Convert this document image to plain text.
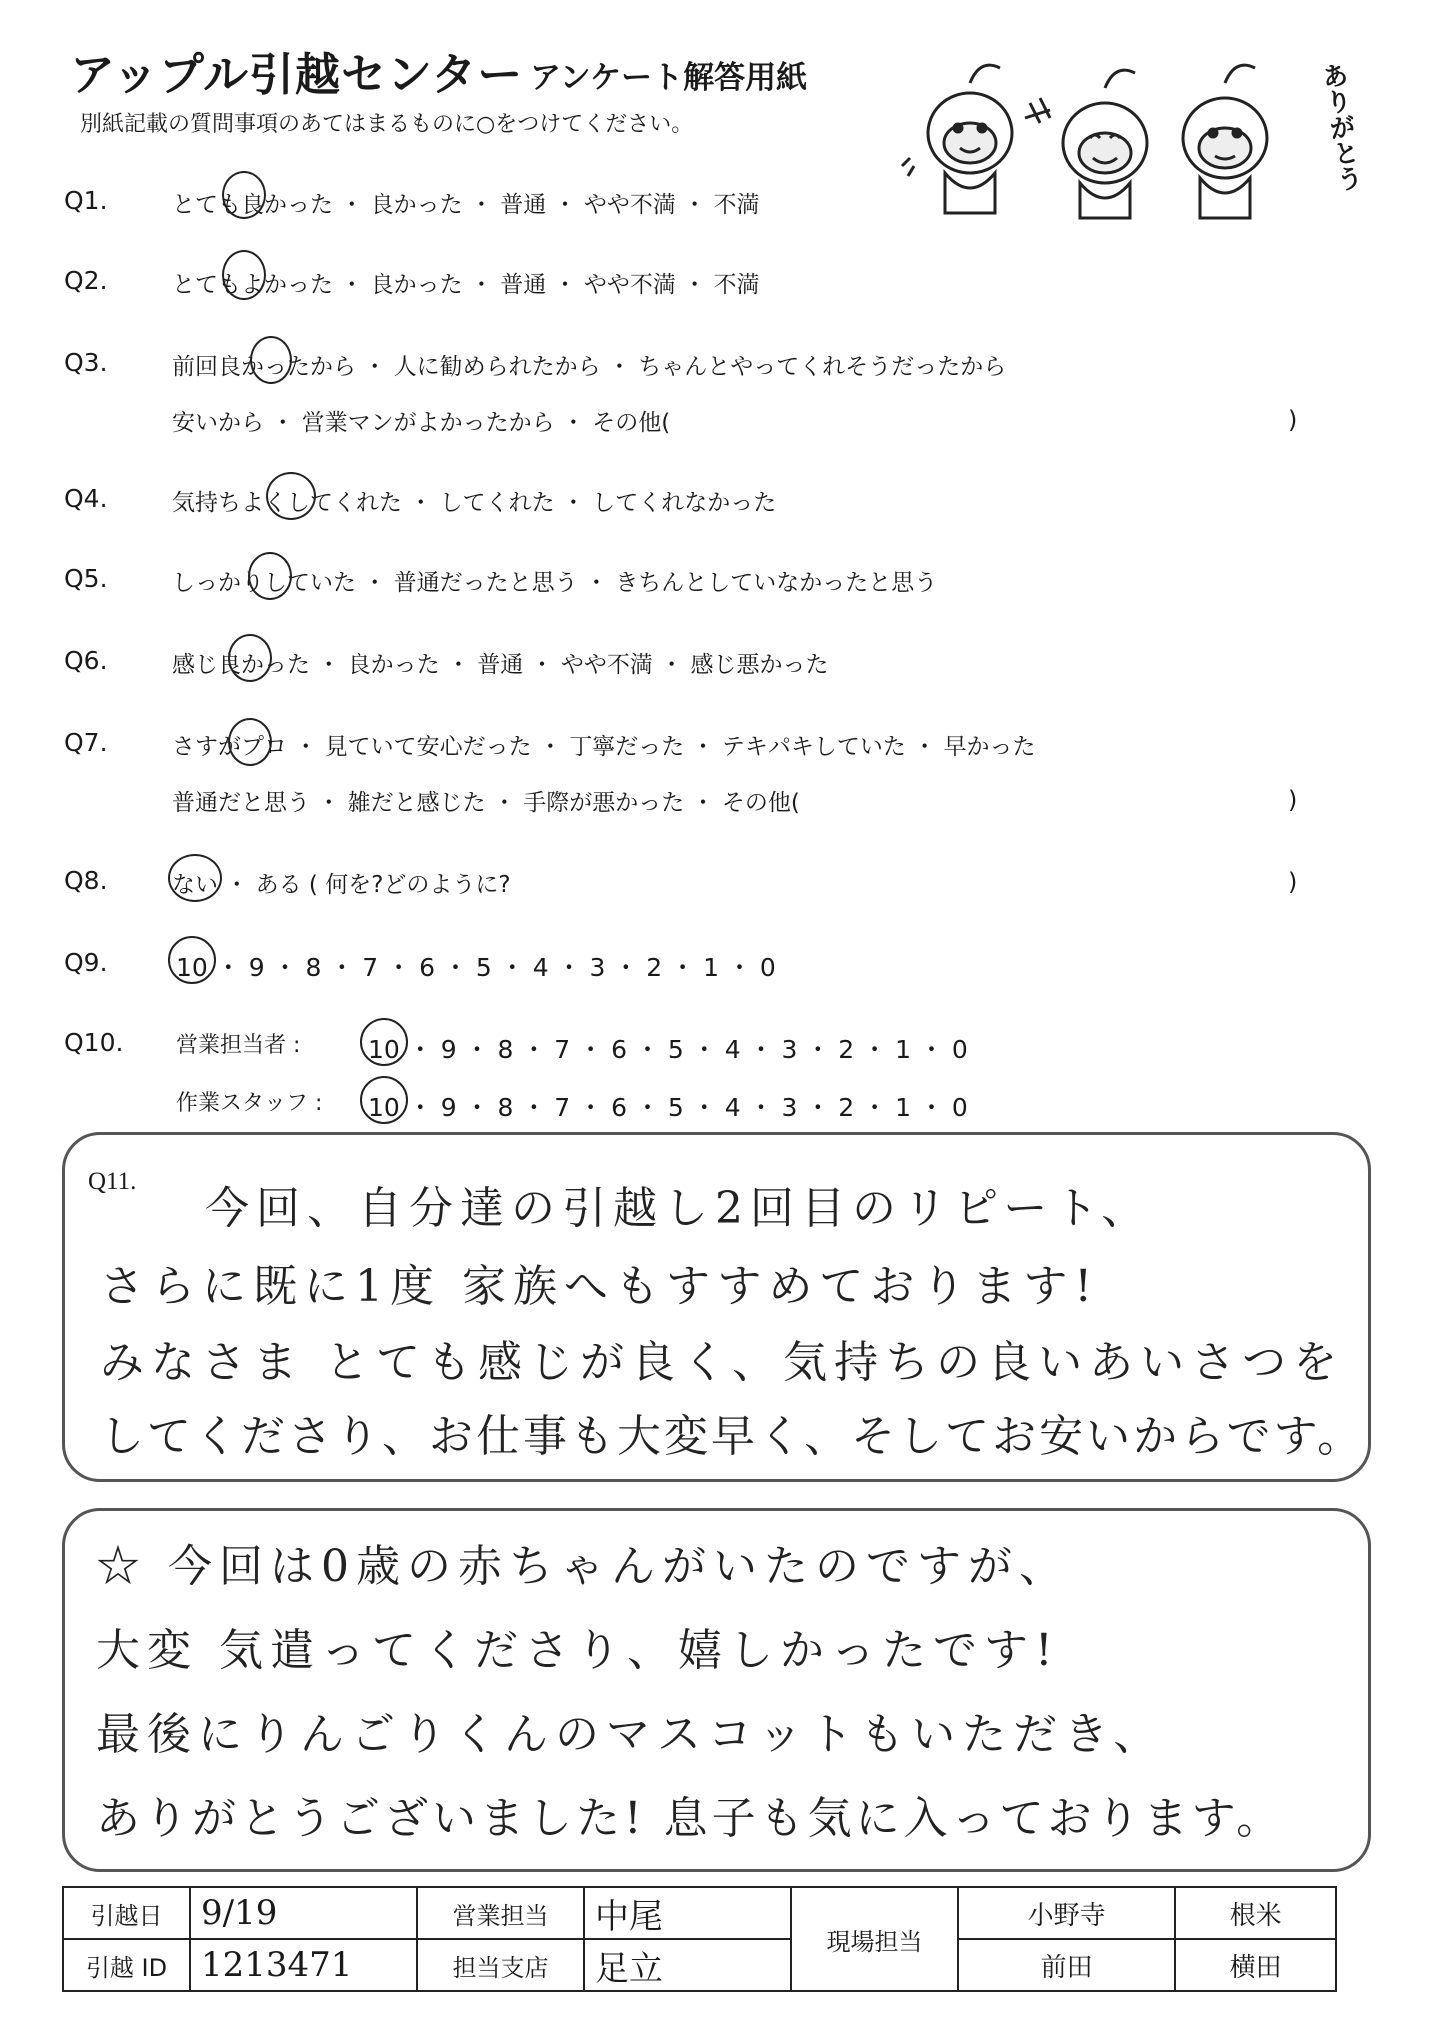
アップル引越センター アンケート解答用紙
別紙記載の質問事項のあてはまるものに○をつけてください。	ありがとう
Q1.	とても良かった ・ 良かった ・ 普通 ・ やや不満 ・ 不満
Q2.	とてもよかった ・ 良かった ・ 普通 ・ やや不満 ・ 不満
Q3.	前回良かったから ・ 人に勧められたから ・ ちゃんとやってくれそうだったから
安いから ・ 営業マンがよかったから ・ その他(	)
Q4.	気持ちよくしてくれた ・ してくれた ・ してくれなかった
Q5.	しっかりしていた ・ 普通だったと思う ・ きちんとしていなかったと思う
Q6.	感じ良かった ・ 良かった ・ 普通 ・ やや不満 ・ 感じ悪かった
Q7.	さすがプロ ・ 見ていて安心だった ・ 丁寧だった ・ テキパキしていた ・ 早かった
普通だと思う ・ 雑だと感じた ・ 手際が悪かった ・ その他(	)
Q8.	ない ・ ある ( 何を?どのように?	)
Q9.	10 ・ 9 ・ 8 ・ 7 ・ 6 ・ 5 ・ 4 ・ 3 ・ 2 ・ 1 ・ 0
Q10. 営業担当者 :	10 ・ 9 ・ 8 ・ 7 ・ 6 ・ 5 ・ 4 ・ 3 ・ 2 ・ 1 ・ 0
作業スタッフ : 10 ・ 9 ・ 8 ・ 7 ・ 6 ・ 5 ・ 4 ・ 3 ・ 2 ・ 1 ・ 0
Q11.
今回、自分達の引越し2回目のリピート、
さらに既に1度 家族へもすすめております!
みなさま とても感じが良く、気持ちの良いあいさつを
してくださり、お仕事も大変早く、そしてお安いからです。
☆ 今回は0歳の赤ちゃんがいたのですが、
大変 気遣ってくださり、嬉しかったです!
最後にりんごりくんのマスコットもいただき、
ありがとうございました! 息子も気に入っております。
引越日	9/19	営業担当	中尾	現場担当	小野寺	根米
引越 ID	1213471	担当支店	足立		前田	横田
